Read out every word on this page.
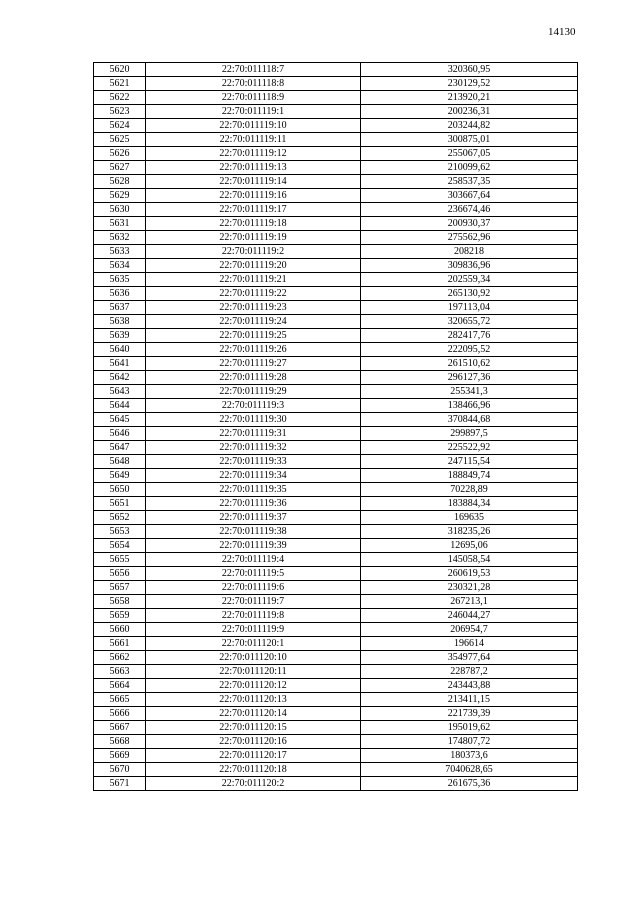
14130
5620	22:70:011118:7	320360,95
5621	22:70:011118:8	230129,52
5622	22:70:011118:9	213920,21
5623	22:70:011119:1	200236,31
5624	22:70:011119:10	203244,82
5625	22:70:011119:11	300875,01
5626	22:70:011119:12	255067,05
5627	22:70:011119:13	210099,62
5628	22:70:011119:14	258537,35
5629	22:70:011119:16	303667,64
5630	22:70:011119:17	236674,46
5631	22:70:011119:18	200930,37
5632	22:70:011119:19	275562,96
5633	22:70:011119:2	208218
5634	22:70:011119:20	309836,96
5635	22:70:011119:21	202559,34
5636	22:70:011119:22	265130,92
5637	22:70:011119:23	197113,04
5638	22:70:011119:24	320655,72
5639	22:70:011119:25	282417,76
5640	22:70:011119:26	222095,52
5641	22:70:011119:27	261510,62
5642	22:70:011119:28	296127,36
5643	22:70:011119:29	255341,3
5644	22:70:011119:3	138466,96
5645	22:70:011119:30	370844,68
5646	22:70:011119:31	299897,5
5647	22:70:011119:32	225522,92
5648	22:70:011119:33	247115,54
5649	22:70:011119:34	188849,74
5650	22:70:011119:35	70228,89
5651	22:70:011119:36	183884,34
5652	22:70:011119:37	169635
5653	22:70:011119:38	318235,26
5654	22:70:011119:39	12695,06
5655	22:70:011119:4	145058,54
5656	22:70:011119:5	260619,53
5657	22:70:011119:6	230321,28
5658	22:70:011119:7	267213,1
5659	22:70:011119:8	246044,27
5660	22:70:011119:9	206954,7
5661	22:70:011120:1	196614
5662	22:70:011120:10	354977,64
5663	22:70:011120:11	228787,2
5664	22:70:011120:12	243443,88
5665	22:70:011120:13	213411,15
5666	22:70:011120:14	221739,39
5667	22:70:011120:15	195019,62
5668	22:70:011120:16	174807,72
5669	22:70:011120:17	180373,6
5670	22:70:011120:18	7040628,65
5671	22:70:011120:2	261675,36
